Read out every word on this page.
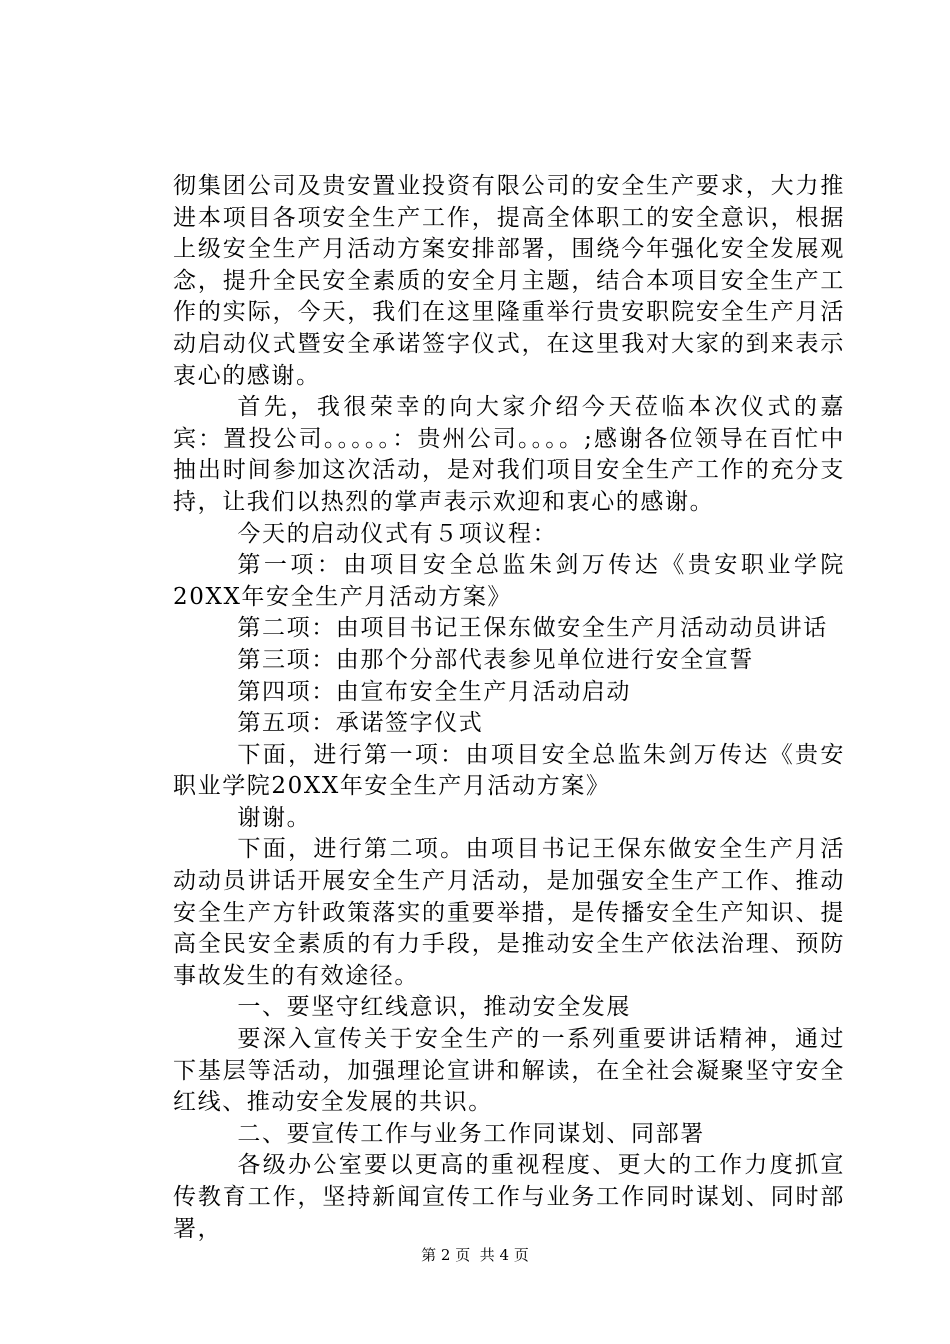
彻集团公司及贵安置业投资有限公司的安全生产要求，大力推进本项目各项安全生产工作，提高全体职工的安全意识，根据上级安全生产月活动方案安排部署，围绕今年强化安全发展观念，提升全民安全素质的安全月主题，结合本项目安全生产工作的实际，今天，我们在这里隆重举行贵安职院安全生产月活动启动仪式暨安全承诺签字仪式，在这里我对大家的到来表示衷心的感谢。

首先，我很荣幸的向大家介绍今天莅临本次仪式的嘉宾：置投公司。。。。。：贵州公司。。。。;感谢各位领导在百忙中抽出时间参加这次活动，是对我们项目安全生产工作的充分支持，让我们以热烈的掌声表示欢迎和衷心的感谢。

今天的启动仪式有５项议程：

第一项：由项目安全总监朱剑万传达《贵安职业学院20XX年安全生产月活动方案》

第二项：由项目书记王保东做安全生产月活动动员讲话

第三项：由那个分部代表参见单位进行安全宣誓

第四项：由宣布安全生产月活动启动

第五项：承诺签字仪式

下面，进行第一项：由项目安全总监朱剑万传达《贵安职业学院20XX年安全生产月活动方案》

谢谢。

下面，进行第二项。由项目书记王保东做安全生产月活动动员讲话开展安全生产月活动，是加强安全生产工作、推动安全生产方针政策落实的重要举措，是传播安全生产知识、提高全民安全素质的有力手段，是推动安全生产依法治理、预防事故发生的有效途径。

一、要坚守红线意识，推动安全发展

要深入宣传关于安全生产的一系列重要讲话精神，通过下基层等活动，加强理论宣讲和解读，在全社会凝聚坚守安全红线、推动安全发展的共识。

二、要宣传工作与业务工作同谋划、同部署

各级办公室要以更高的重视程度、更大的工作力度抓宣传教育工作，坚持新闻宣传工作与业务工作同时谋划、同时部署，

第 2 页  共 4 页
